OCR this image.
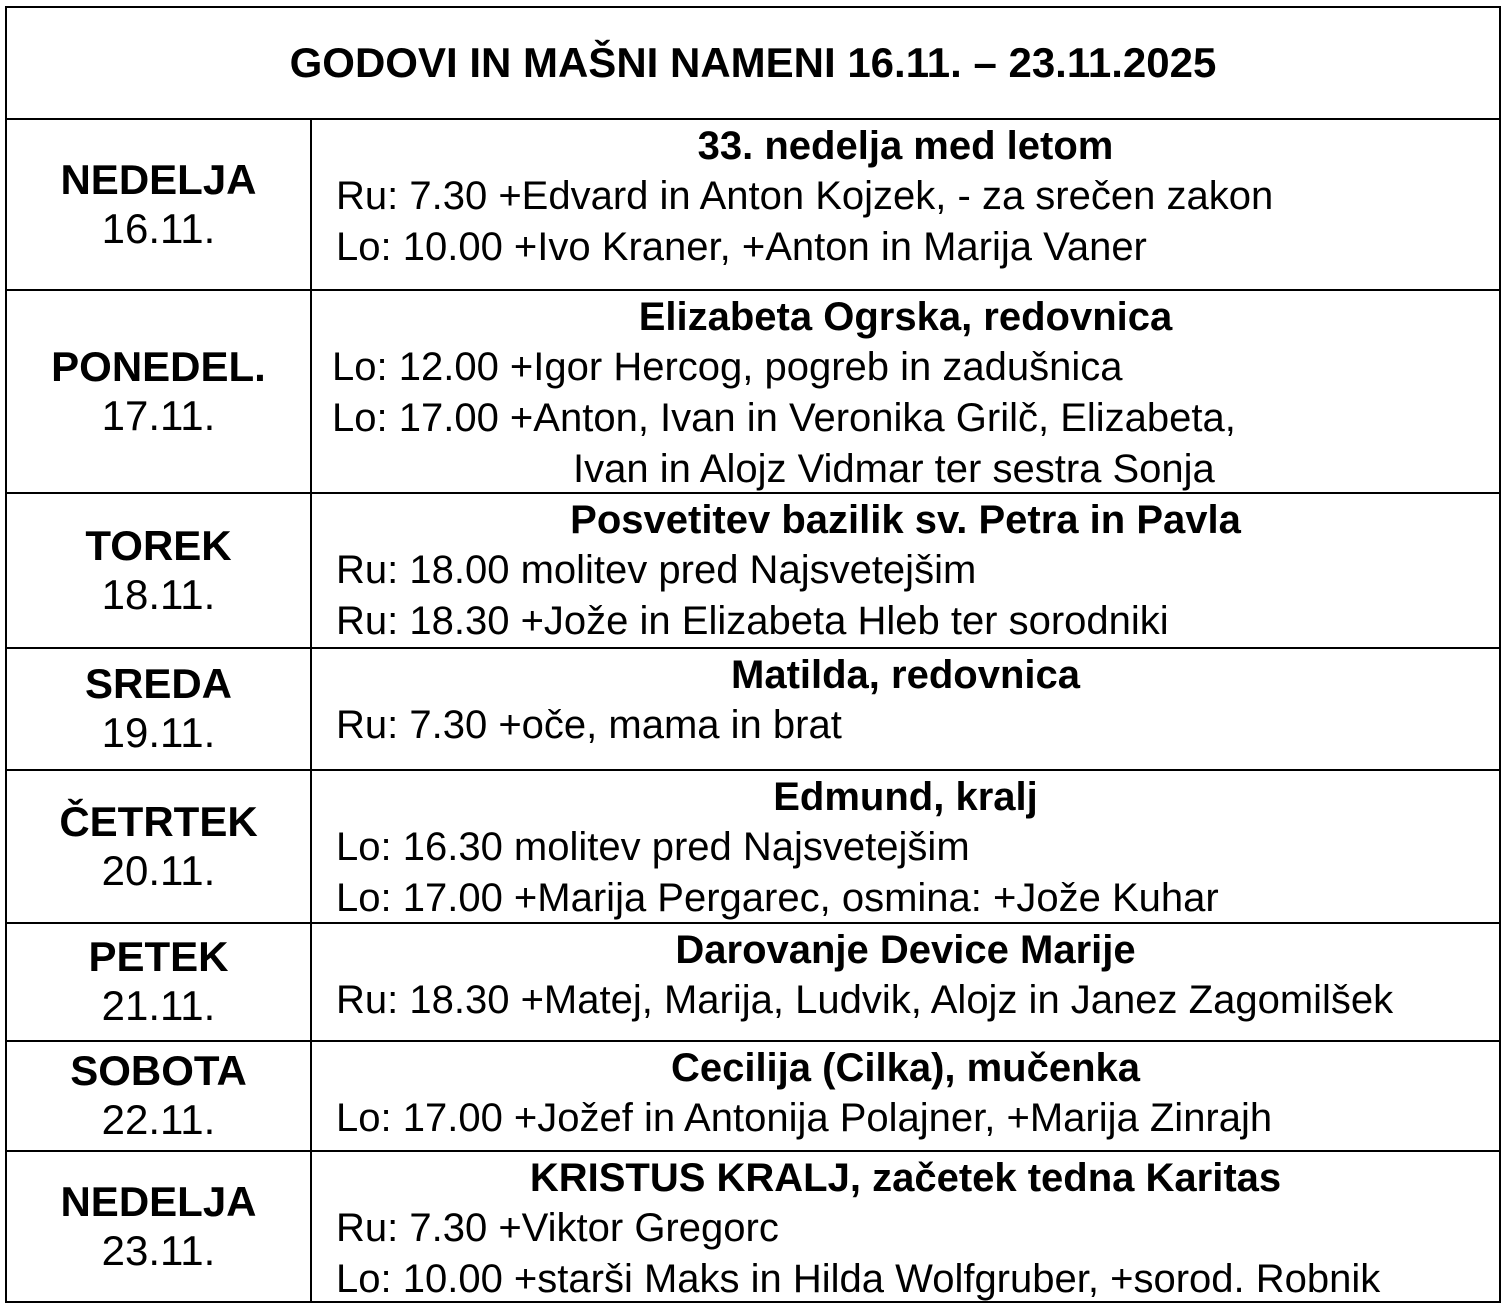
GODOVI IN MAŠNI NAMENI 16.11. – 23.11.2025
NEDELJA
16.11.
33. nedelja med letom
Ru: 7.30 +Edvard in Anton Kojzek, - za srečen zakon
Lo: 10.00 +Ivo Kraner, +Anton in Marija Vaner
PONEDEL.
17.11.
Elizabeta Ogrska, redovnica
Lo: 12.00 +Igor Hercog, pogreb in zadušnica
Lo: 17.00 +Anton, Ivan in Veronika Grilč, Elizabeta,
Ivan in Alojz Vidmar ter sestra Sonja
TOREK
18.11.
Posvetitev bazilik sv. Petra in Pavla
Ru: 18.00 molitev pred Najsvetejšim
Ru: 18.30 +Jože in Elizabeta Hleb ter sorodniki
SREDA
19.11.
Matilda, redovnica
Ru: 7.30 +oče, mama in brat
ČETRTEK
20.11.
Edmund, kralj
Lo: 16.30 molitev pred Najsvetejšim
Lo: 17.00 +Marija Pergarec, osmina: +Jože Kuhar
PETEK
21.11.
Darovanje Device Marije
Ru: 18.30 +Matej, Marija, Ludvik, Alojz in Janez Zagomilšek
SOBOTA
22.11.
Cecilija (Cilka), mučenka
Lo: 17.00 +Jožef in Antonija Polajner, +Marija Zinrajh
NEDELJA
23.11.
KRISTUS KRALJ, začetek tedna Karitas
Ru: 7.30 +Viktor Gregorc
Lo: 10.00 +starši Maks in Hilda Wolfgruber, +sorod. Robnik
